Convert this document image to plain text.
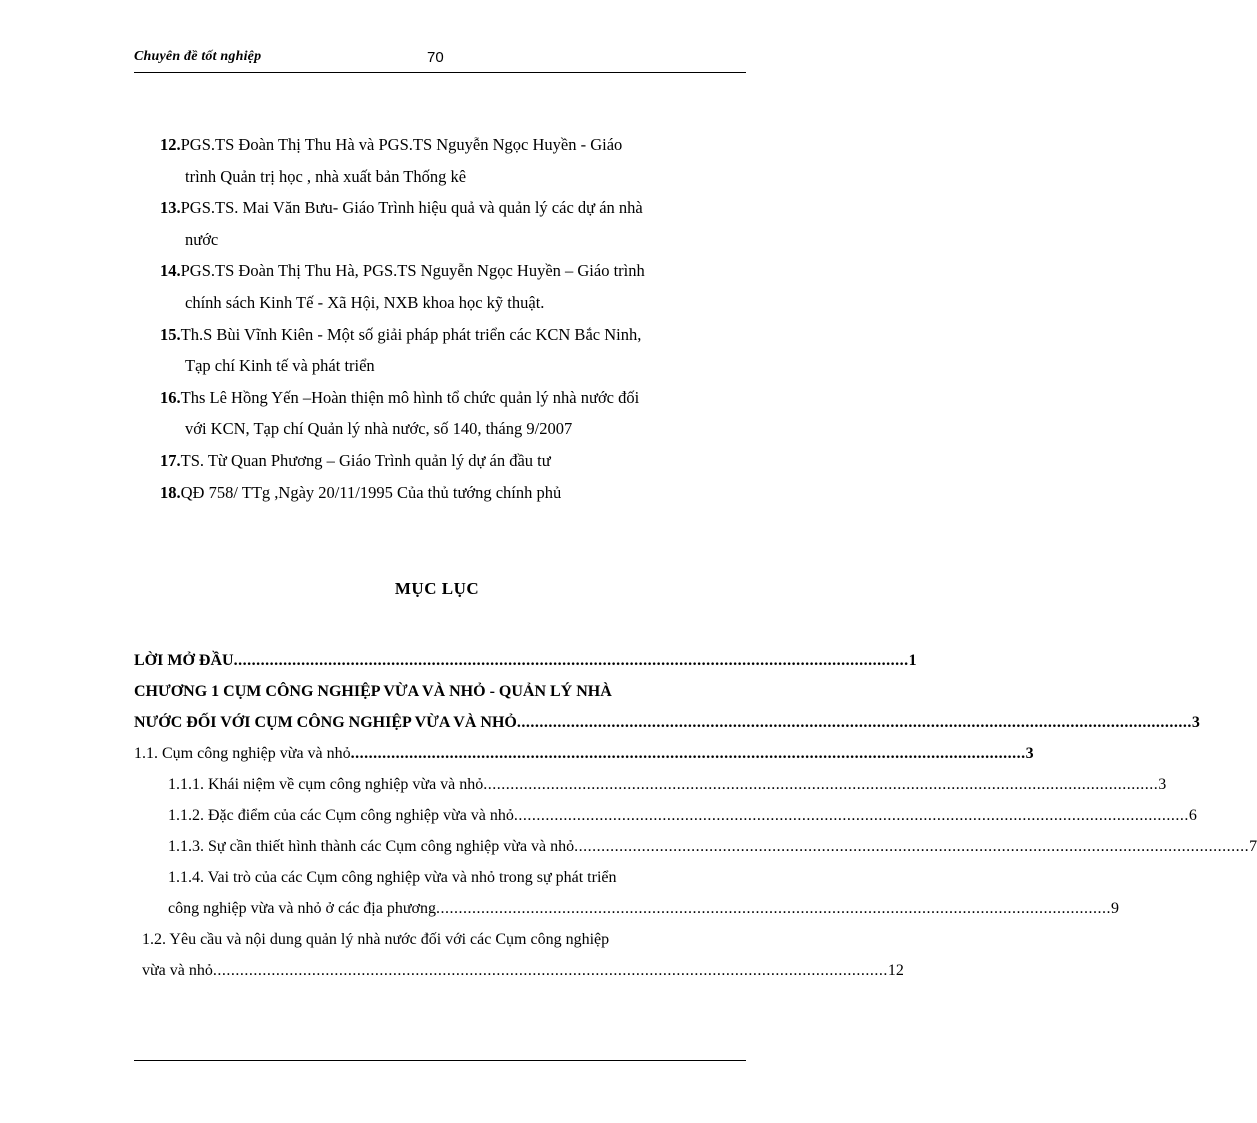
Chuyên đề tốt nghiệp	70
12.PGS.TS Đoàn Thị Thu Hà và PGS.TS Nguyễn Ngọc Huyền - Giáo
trình Quản trị học , nhà xuất bản Thống kê
13.PGS.TS. Mai Văn Bưu- Giáo Trình hiệu quả và quản lý các dự án nhà
nước
14.PGS.TS Đoàn Thị Thu Hà, PGS.TS Nguyễn Ngọc Huyền – Giáo trình
chính sách Kinh Tế - Xã Hội, NXB khoa học kỹ thuật.
15.Th.S Bùi Vĩnh Kiên - Một số giải pháp phát triển các KCN Bắc Ninh,
Tạp chí Kinh tế và phát triển
16.Ths Lê Hồng Yến –Hoàn thiện mô hình tổ chức quản lý nhà nước đối
với KCN, Tạp chí Quản lý nhà nước, số 140, tháng 9/2007
17.TS. Từ Quan Phương – Giáo Trình quản lý dự án đầu tư
18.QĐ 758/ TTg ,Ngày 20/11/1995 Của thủ tướng chính phủ
MỤC LỤC
LỜI MỞ ĐẦU ...................................................................................................................................................... 1
CHƯƠNG 1 CỤM CÔNG NGHIỆP VỪA VÀ NHỎ - QUẢN LÝ NHÀ
NƯỚC ĐỐI VỚI CỤM CÔNG NGHIỆP VỪA VÀ NHỎ ...................................................................................................................................................... 3
1.1. Cụm công nghiệp vừa và nhỏ ...................................................................................................................................................... 3
1.1.1. Khái niệm về cụm công nghiệp vừa và nhỏ ...................................................................................................................................................... 3
1.1.2. Đặc điểm của các Cụm công nghiệp vừa và nhỏ ...................................................................................................................................................... 6
1.1.3. Sự cần thiết hình thành các Cụm công nghiệp vừa và nhỏ ...................................................................................................................................................... 7
1.1.4. Vai trò của các Cụm công nghiệp vừa và nhỏ trong sự phát triển
công nghiệp vừa và nhỏ ở các địa phương ...................................................................................................................................................... 9
1.2. Yêu cầu và nội dung quản lý nhà nước đối với các Cụm công nghiệp
vừa và nhỏ ...................................................................................................................................................... 12
